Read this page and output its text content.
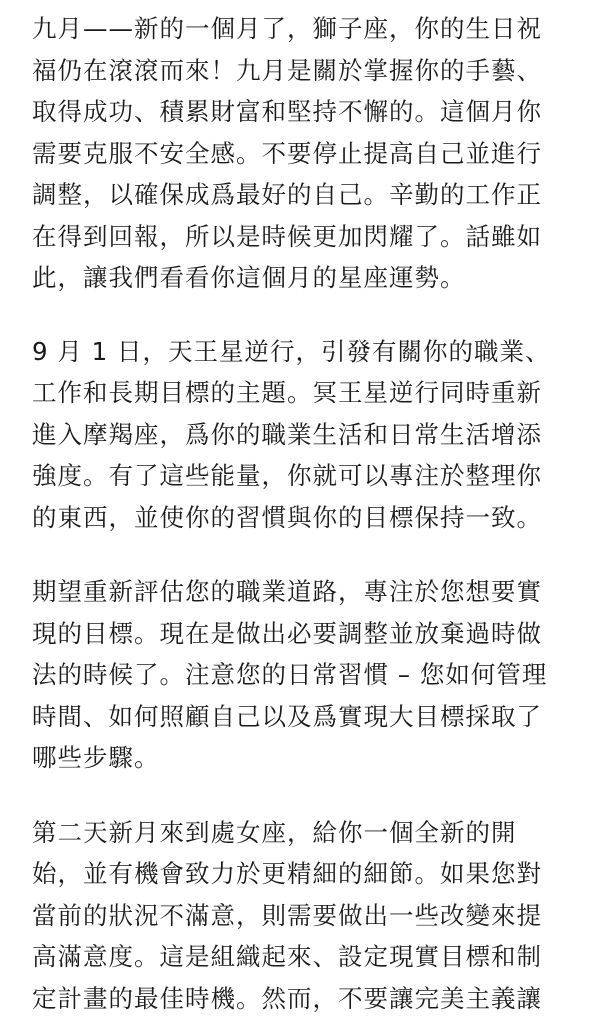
九月——新的一個月了，獅子座，你的生日祝
福仍在滾滾而來！九月是關於掌握你的手藝、
取得成功、積累財富和堅持不懈的。這個月你
需要克服不安全感。不要停止提高自己並進行
調整，以確保成爲最好的自己。辛勤的工作正
在得到回報，所以是時候更加閃耀了。話雖如
此，讓我們看看你這個月的星座運勢。
9 月 1 日，天王星逆行，引發有關你的職業、
工作和長期目標的主題。冥王星逆行同時重新
進入摩羯座，爲你的職業生活和日常生活增添
強度。有了這些能量，你就可以專注於整理你
的東西，並使你的習慣與你的目標保持一致。
期望重新評估您的職業道路，專注於您想要實
現的目標。現在是做出必要調整並放棄過時做
法的時候了。注意您的日常習慣 – 您如何管理
時間、如何照顧自己以及爲實現大目標採取了
哪些步驟。
第二天新月來到處女座，給你一個全新的開
始，並有機會致力於更精細的細節。如果您對
當前的狀況不滿意，則需要做出一些改變來提
高滿意度。這是組織起來、設定現實目標和制
定計畫的最佳時機。然而，不要讓完美主義讓
